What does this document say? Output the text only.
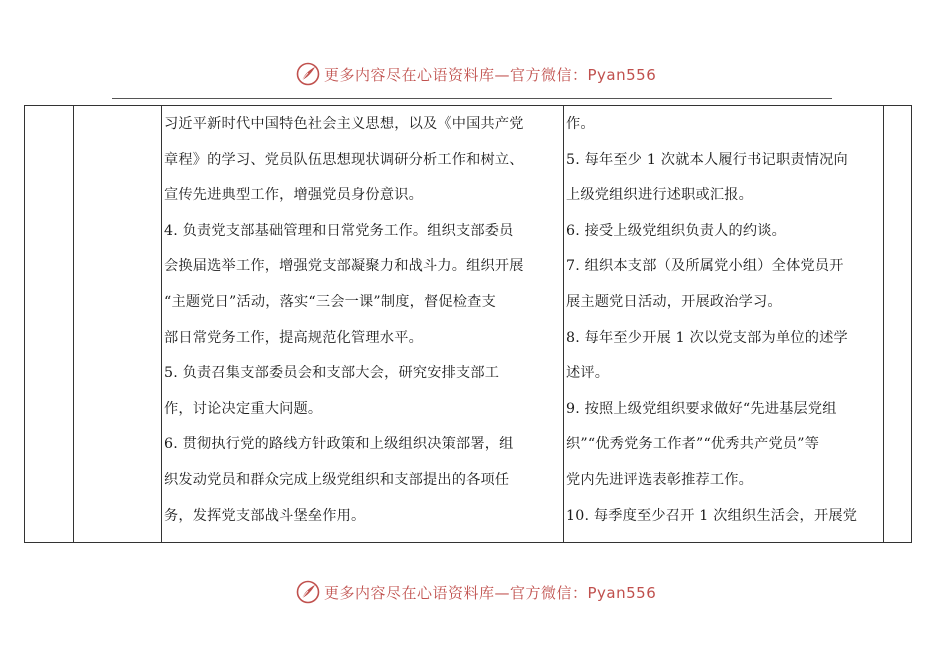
更多内容尽在心语资料库—官方微信：Pyan556

习近平新时代中国特色社会主义思想，以及《中国共产党
章程》的学习、党员队伍思想现状调研分析工作和树立、
宣传先进典型工作，增强党员身份意识。
4. 负责党支部基础管理和日常党务工作。组织支部委员
会换届选举工作，增强党支部凝聚力和战斗力。组织开展
“主题党日”活动，落实“三会一课”制度，督促检查支
部日常党务工作，提高规范化管理水平。
5. 负责召集支部委员会和支部大会，研究安排支部工
作，讨论决定重大问题。
6. 贯彻执行党的路线方针政策和上级组织决策部署，组
织发动党员和群众完成上级党组织和支部提出的各项任
务，发挥党支部战斗堡垒作用。

作。
5. 每年至少 1 次就本人履行书记职责情况向
上级党组织进行述职或汇报。
6. 接受上级党组织负责人的约谈。
7. 组织本支部（及所属党小组）全体党员开
展主题党日活动，开展政治学习。
8. 每年至少开展 1 次以党支部为单位的述学
述评。
9. 按照上级党组织要求做好“先进基层党组
织”“优秀党务工作者”“优秀共产党员”等
党内先进评选表彰推荐工作。
10. 每季度至少召开 1 次组织生活会，开展党

更多内容尽在心语资料库—官方微信：Pyan556
